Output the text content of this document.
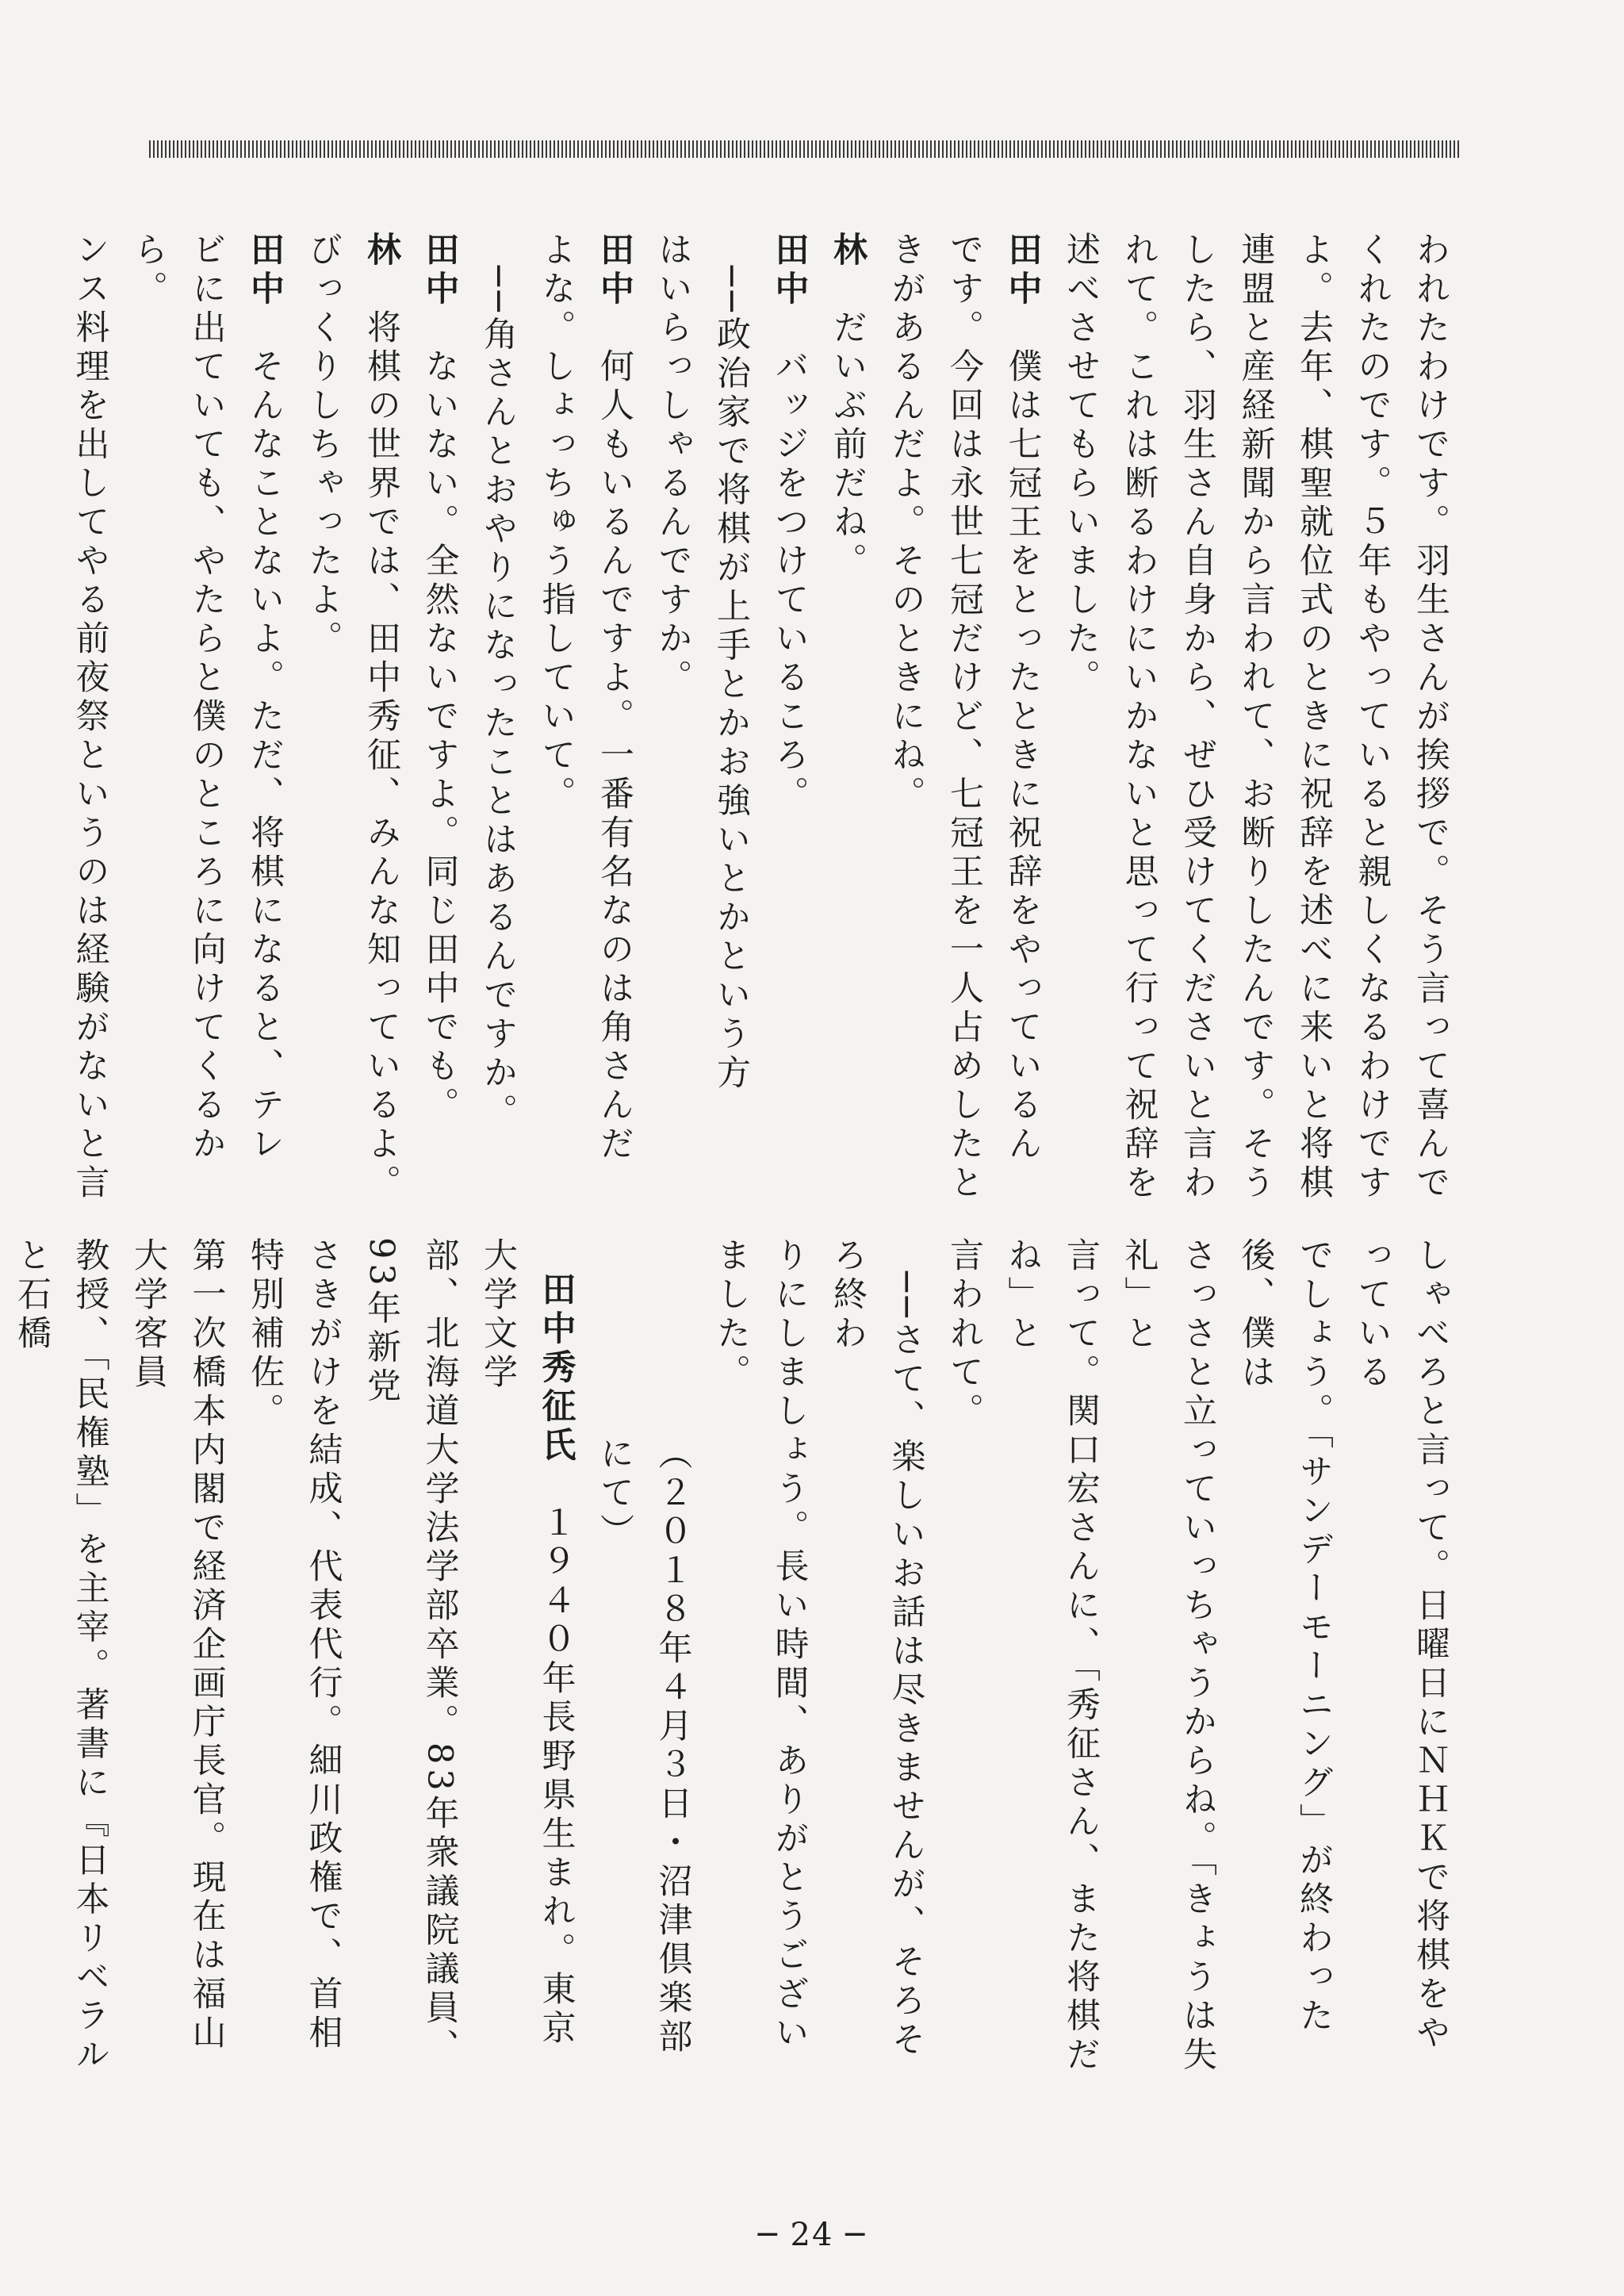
われたわけです。羽生さんが挨拶で。そう言って喜んで
くれたのです。５年もやっていると親しくなるわけです
よ。去年、棋聖就位式のときに祝辞を述べに来いと将棋
連盟と産経新聞から言われて、お断りしたんです。そう
したら、羽生さん自身から、ぜひ受けてくださいと言わ
れて。これは断るわけにいかないと思って行って祝辞を
述べさせてもらいました。
田中　僕は七冠王をとったときに祝辞をやっているん
です。今回は永世七冠だけど、七冠王を一人占めしたと
きがあるんだよ。そのときにね。
林　だいぶ前だね。
田中　バッジをつけているころ。
──政治家で将棋が上手とかお強いとかという方
はいらっしゃるんですか。
田中　何人もいるんですよ。一番有名なのは角さんだ
よな。しょっちゅう指していて。
──角さんとおやりになったことはあるんですか。
田中　ないない。全然ないですよ。同じ田中でも。
林　将棋の世界では、田中秀征、みんな知っているよ。
びっくりしちゃったよ。
田中　そんなことないよ。ただ、将棋になると、テレ
ビに出ていても、やたらと僕のところに向けてくるから。
ンス料理を出してやる前夜祭というのは経験がないと言
しゃべろと言って。日曜日にＮＨＫで将棋をやっている
でしょう。「サンデーモーニング」が終わった後、僕は
さっさと立っていっちゃうからね。「きょうは失礼」と
言って。関口宏さんに、「秀征さん、また将棋だね」と
言われて。
──さて、楽しいお話は尽きませんが、そろそろ終わ
りにしましょう。長い時間、ありがとうございました。
（２０１８年４月３日・沼津倶楽部にて）
田中秀征氏　１９４０年長野県生まれ。東京大学文学
部、北海道大学法学部卒業。83年衆議院議員、93年新党
さきがけを結成、代表代行。細川政権で、首相特別補佐。
第一次橋本内閣で経済企画庁長官。現在は福山大学客員
教授、「民権塾」を主宰。著書に『日本リベラルと石橋

─ 24 ─
